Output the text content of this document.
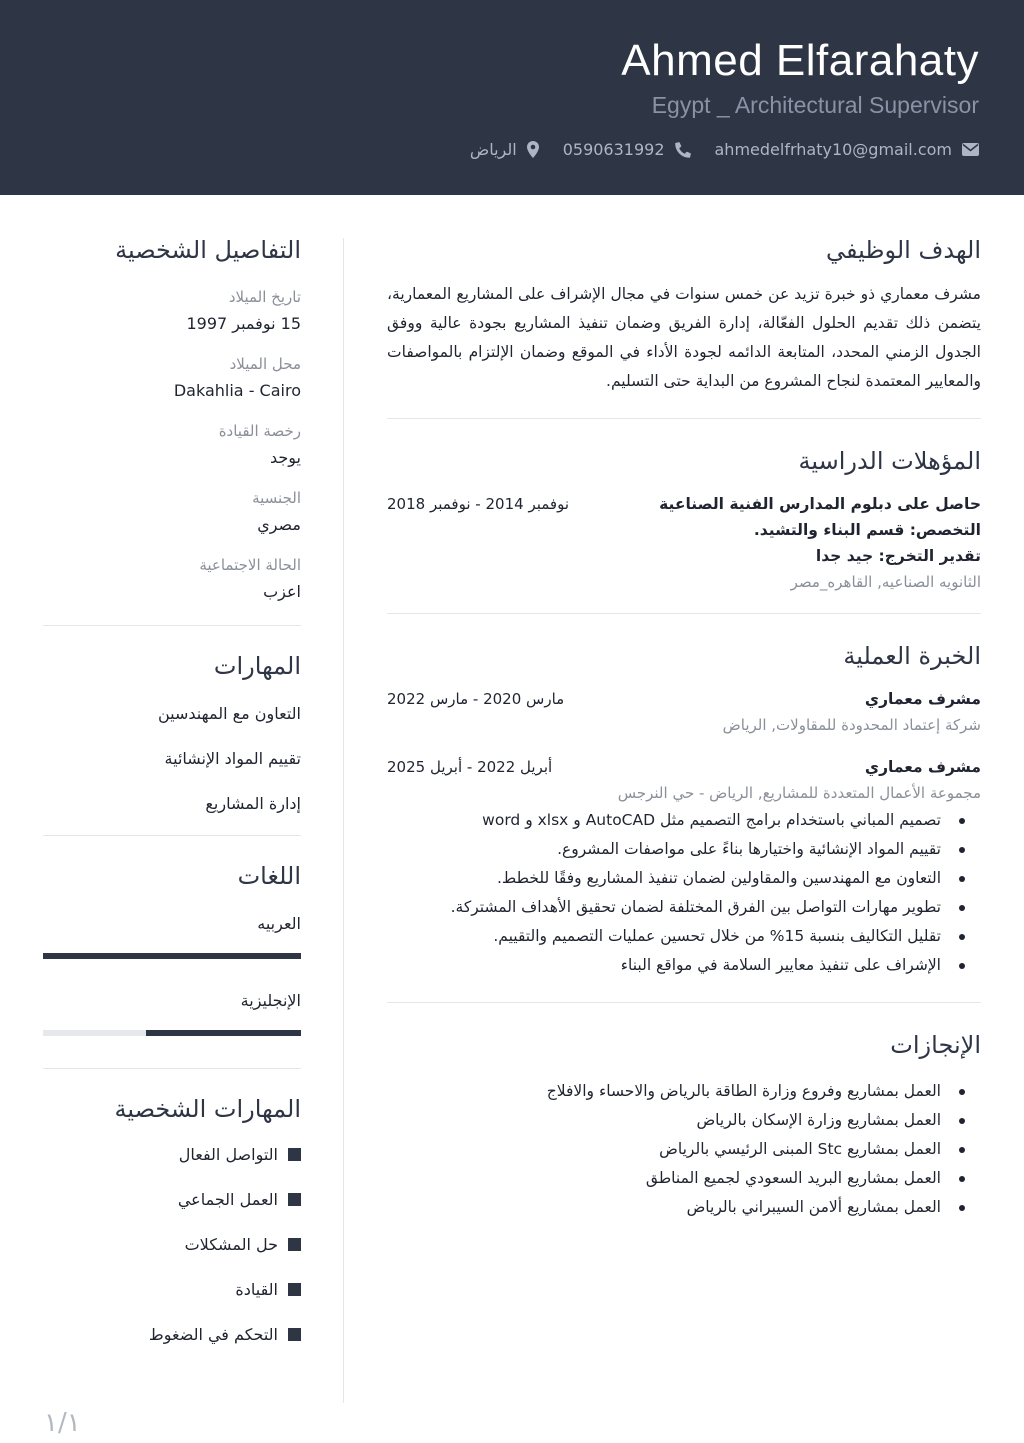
Ahmed Elfarahaty
Egypt _ Architectural Supervisor
ahmedelfrhaty10@gmail.com
0590631992
الرياض
الهدف الوظيفي

مشرف معماري ذو خبرة تزيد عن خمس سنوات في مجال الإشراف على المشاريع المعمارية، يتضمن ذلك تقديم الحلول الفعّالة، إدارة الفريق وضمان تنفيذ المشاريع بجودة عالية ووفق الجدول الزمني المحدد، المتابعة الدائمه لجودة الأداء في الموقع وضمان الإلتزام بالمواصفات والمعايير المعتمدة لنجاح المشروع من البداية حتى التسليم.

المؤهلات الدراسية
حاصل على دبلوم المدارس الفنية الصناعية
نوفمبر 2014 - نوفمبر 2018
التخصص: قسم البناء والتشيد.
تقدير التخرج: جيد جدا
الثانويه الصناعيه, القاهره_مصر
الخبرة العملية
مشرف معماري
مارس 2020 - مارس 2022
شركة إعتماد المحدودة للمقاولات, الرياض
مشرف معماري
أبريل 2022 - أبريل 2025
مجموعة الأعمال المتعددة للمشاريع, الرياض - حي النرجس
تصميم المباني باستخدام برامج التصميم مثل AutoCAD و xlsx و word
تقييم المواد الإنشائية واختيارها بناءً على مواصفات المشروع.
التعاون مع المهندسين والمقاولين لضمان تنفيذ المشاريع وفقًا للخطط.
تطوير مهارات التواصل بين الفرق المختلفة لضمان تحقيق الأهداف المشتركة.
تقليل التكاليف بنسبة 15% من خلال تحسين عمليات التصميم والتقييم.
الإشراف على تنفيذ معايير السلامة في مواقع البناء
الإنجازات
العمل بمشاريع وفروع وزارة الطاقة بالرياض والاحساء والافلاج
العمل بمشاريع وزارة الإسكان بالرياض
العمل بمشاريع Stc المبنى الرئيسي بالرياض
العمل بمشاريع البريد السعودي لجميع المناطق
العمل بمشاريع ألامن السيبراني بالرياض
التفاصيل الشخصية
تاريخ الميلاد
15 نوفمبر 1997
محل الميلاد
Dakahlia - Cairo
رخصة القيادة
يوجد
الجنسية
مصري
الحالة الاجتماعية
اعزب
المهارات
التعاون مع المهندسين
تقييم المواد الإنشائية
إدارة المشاريع
اللغات
العربيه
الإنجليزية
المهارات الشخصية
التواصل الفعال
العمل الجماعي
حل المشكلات
القيادة
التحكم في الضغوط
١/١
